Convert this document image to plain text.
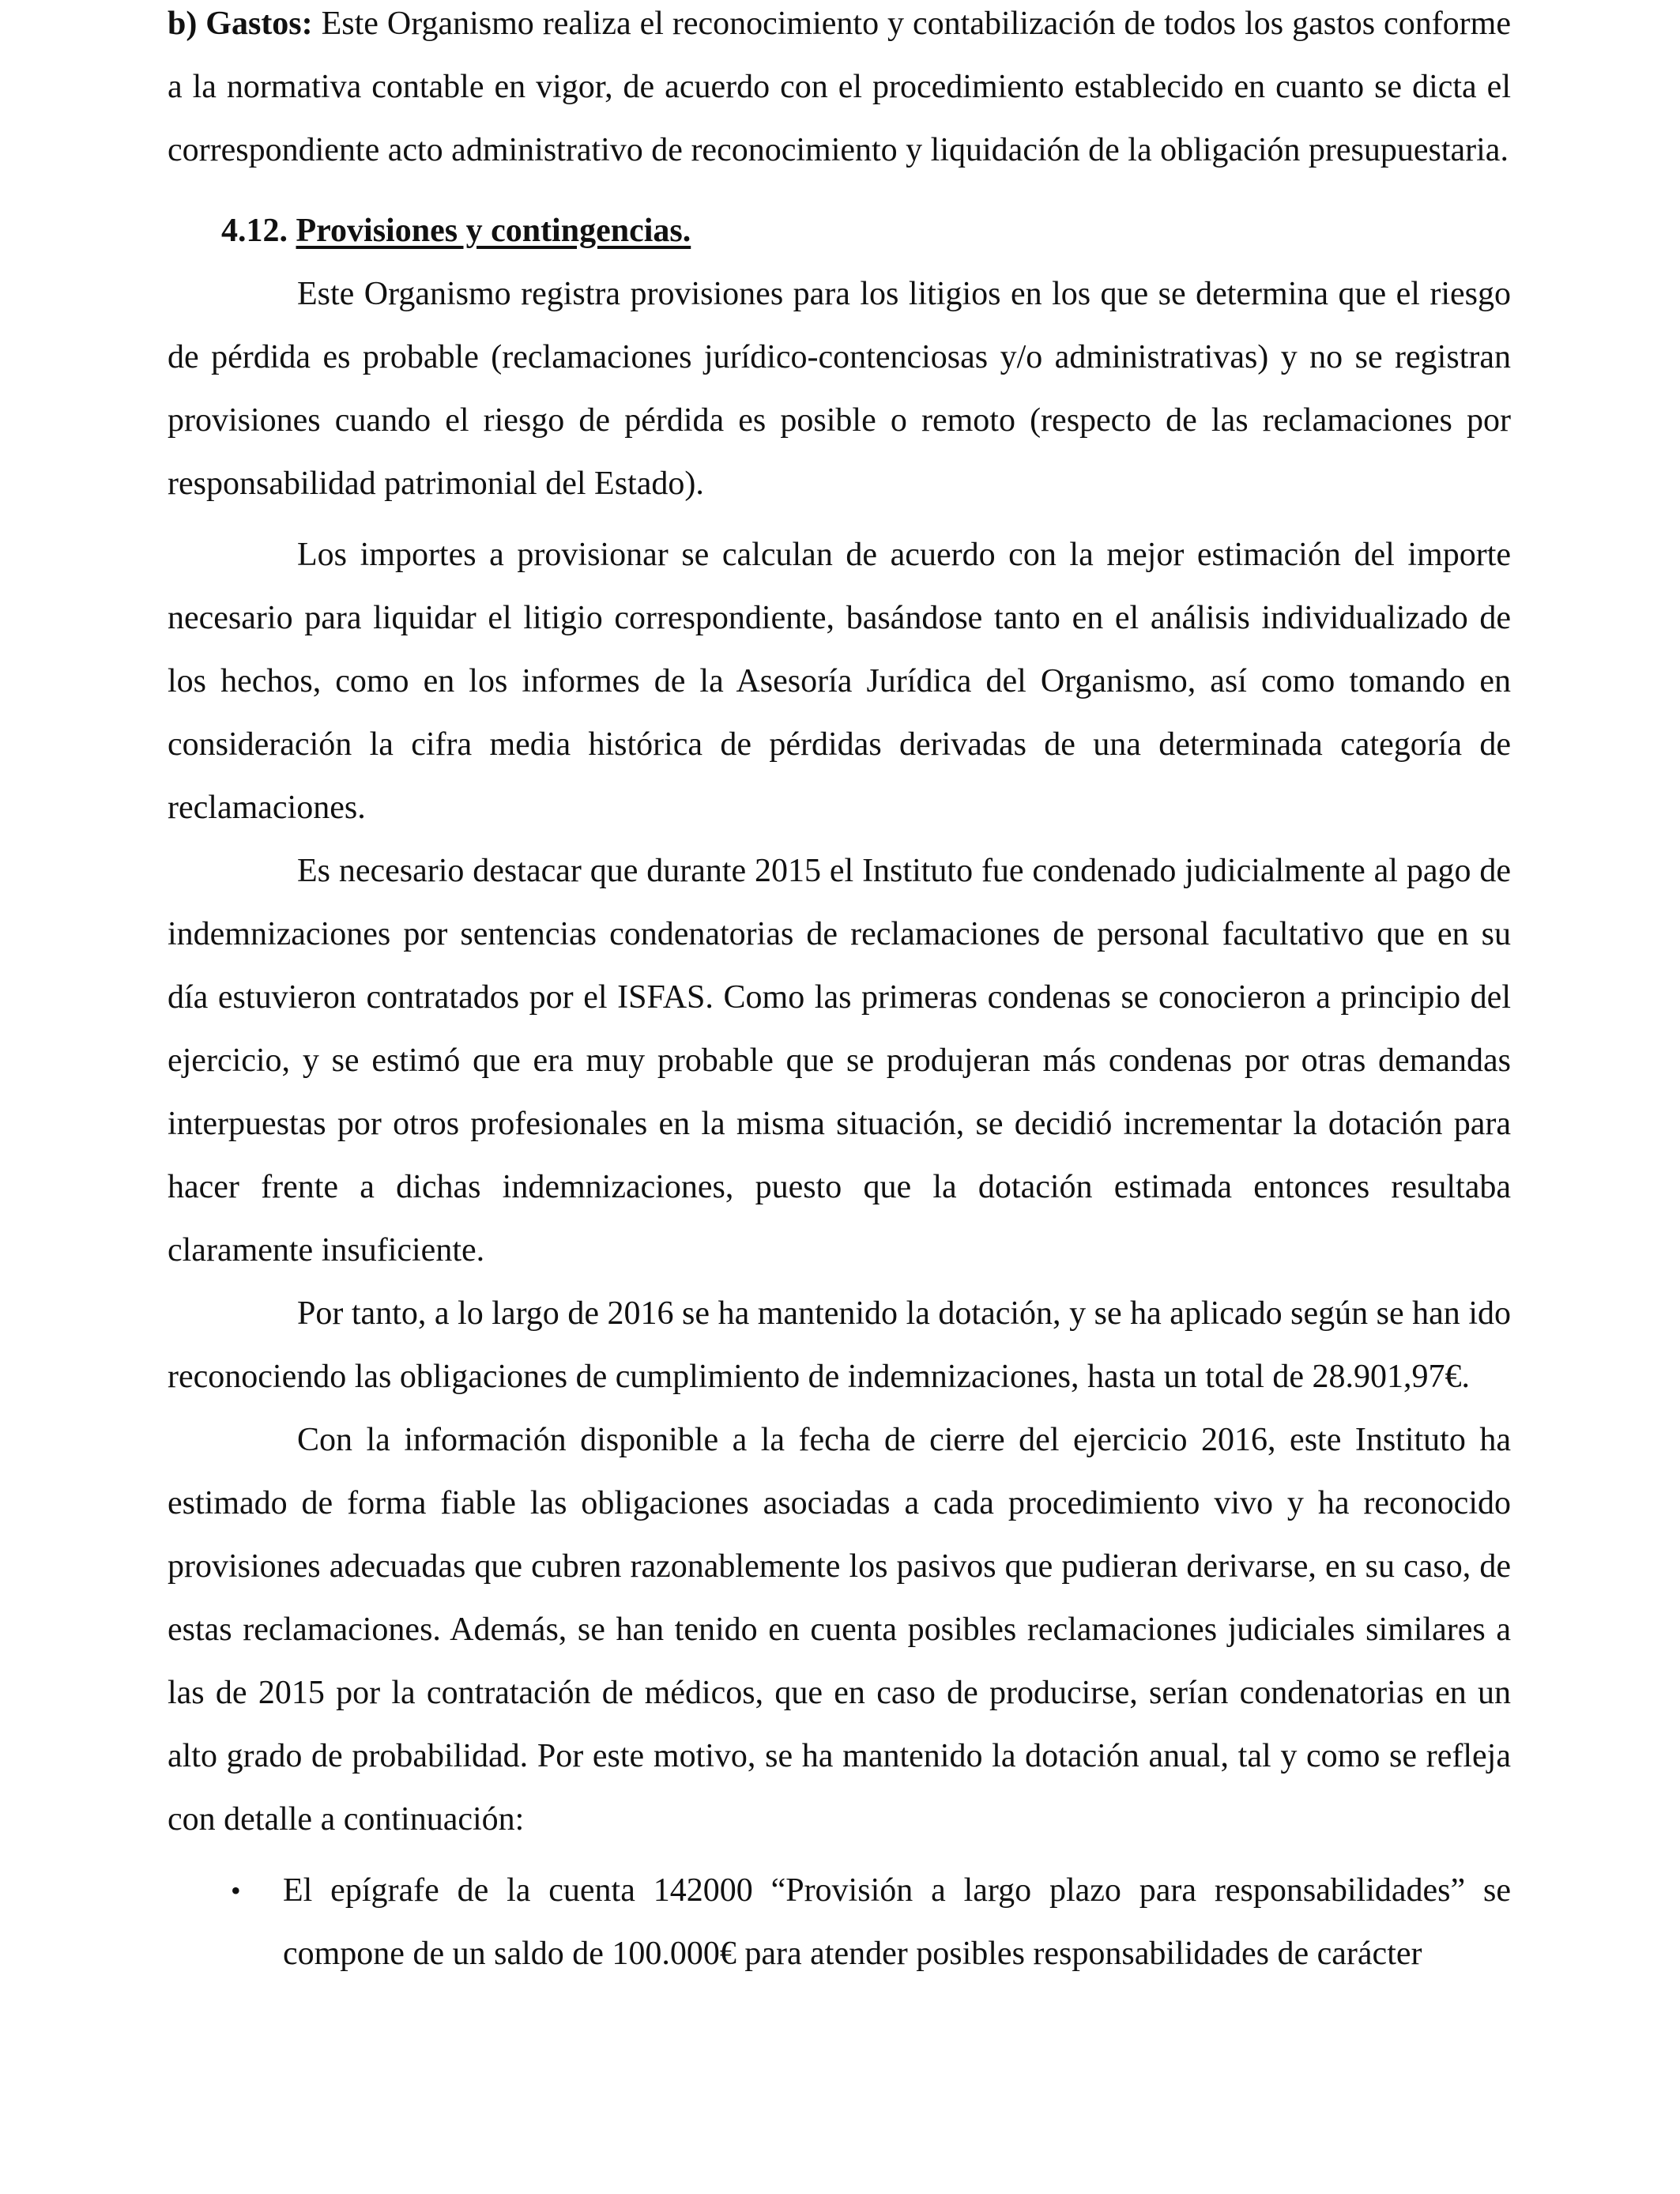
b) Gastos: Este Organismo realiza el reconocimiento y contabilización de todos los gastos conforme a la normativa contable en vigor, de acuerdo con el procedimiento establecido en cuanto se dicta el correspondiente acto administrativo de reconocimiento y liquidación de la obligación presupuestaria.

4.12. Provisiones y contingencias.

Este Organismo registra provisiones para los litigios en los que se determina que el riesgo de pérdida es probable (reclamaciones jurídico-contenciosas y/o administrativas) y no se registran provisiones cuando el riesgo de pérdida es posible o remoto (respecto de las reclamaciones por responsabilidad patrimonial del Estado).

Los importes a provisionar se calculan de acuerdo con la mejor estimación del importe necesario para liquidar el litigio correspondiente, basándose tanto en el análisis individualizado de los hechos, como en los informes de la Asesoría Jurídica del Organismo, así como tomando en consideración la cifra media histórica de pérdidas derivadas de una determinada categoría de reclamaciones.

Es necesario destacar que durante 2015 el Instituto fue condenado judicialmente al pago de indemnizaciones por sentencias condenatorias de reclamaciones de personal facultativo que en su día estuvieron contratados por el ISFAS. Como las primeras condenas se conocieron a principio del ejercicio, y se estimó que era muy probable que se produjeran más condenas por otras demandas interpuestas por otros profesionales en la misma situación, se decidió incrementar la dotación para hacer frente a dichas indemnizaciones, puesto que la dotación estimada entonces resultaba claramente insuficiente.

Por tanto, a lo largo de 2016 se ha mantenido la dotación, y se ha aplicado según se han ido reconociendo las obligaciones de cumplimiento de indemnizaciones, hasta un total de 28.901,97€.

Con la información disponible a la fecha de cierre del ejercicio 2016, este Instituto ha estimado de forma fiable las obligaciones asociadas a cada procedimiento vivo y ha reconocido provisiones adecuadas que cubren razonablemente los pasivos que pudieran derivarse, en su caso, de estas reclamaciones. Además, se han tenido en cuenta posibles reclamaciones judiciales similares a las de 2015 por la contratación de médicos, que en caso de producirse, serían condenatorias en un alto grado de probabilidad. Por este motivo, se ha mantenido la dotación anual, tal y como se refleja con detalle a continuación:

• El epígrafe de la cuenta 142000 “Provisión a largo plazo para responsabilidades” se compone de un saldo de 100.000€ para atender posibles responsabilidades de carácter
